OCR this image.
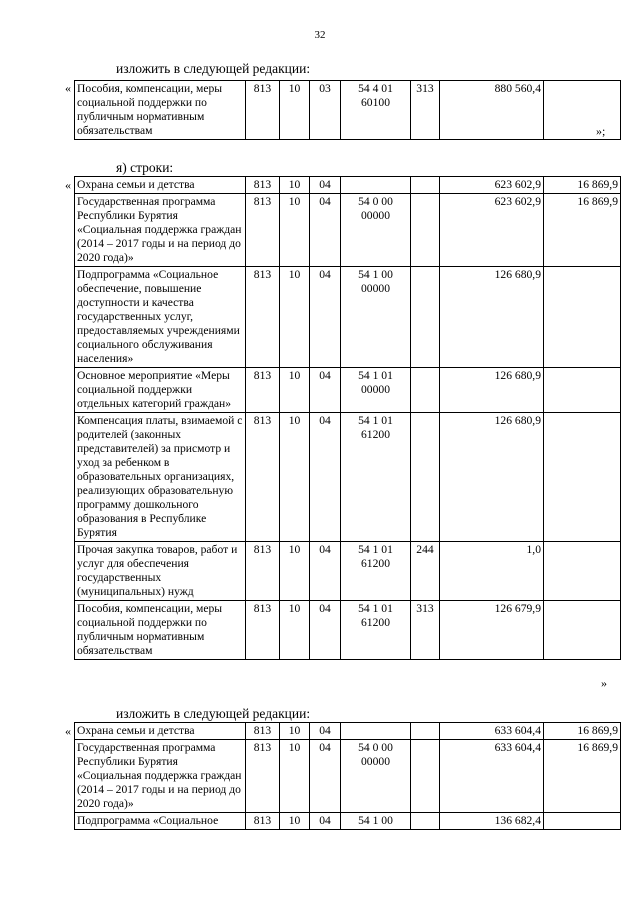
32
изложить в следующей редакции:
« Пособия, компенсации, меры социальной поддержки по публичным нормативным обязательствам	813	10	03	54 4 01 60100	313	880 560,4	
»;
я) строки:
« Охрана семьи и детства	813	10	04			623 602,9	16 869,9
Государственная программа Республики Бурятия «Социальная поддержка граждан (2014 – 2017 годы и на период до 2020 года)»	813	10	04	54 0 00 00000		623 602,9	16 869,9
Подпрограмма «Социальное обеспечение, повышение доступности и качества государственных услуг, предоставляемых учреждениями социального обслуживания населения»	813	10	04	54 1 00 00000		126 680,9	
Основное мероприятие «Меры социальной поддержки отдельных категорий граждан»	813	10	04	54 1 01 00000		126 680,9	
Компенсация платы, взимаемой с родителей (законных представителей) за присмотр и уход за ребенком в образовательных организациях, реализующих образовательную программу дошкольного образования в Республике Бурятия	813	10	04	54 1 01 61200		126 680,9	
Прочая закупка товаров, работ и услуг для обеспечения государственных (муниципальных) нужд	813	10	04	54 1 01 61200	244	1,0	
Пособия, компенсации, меры социальной поддержки по публичным нормативным обязательствам	813	10	04	54 1 01 61200	313	126 679,9	
»
изложить в следующей редакции:
« Охрана семьи и детства	813	10	04			633 604,4	16 869,9
Государственная программа Республики Бурятия «Социальная поддержка граждан (2014 – 2017 годы и на период до 2020 года)»	813	10	04	54 0 00 00000		633 604,4	16 869,9
Подпрограмма «Социальное	813	10	04	54 1 00		136 682,4	
